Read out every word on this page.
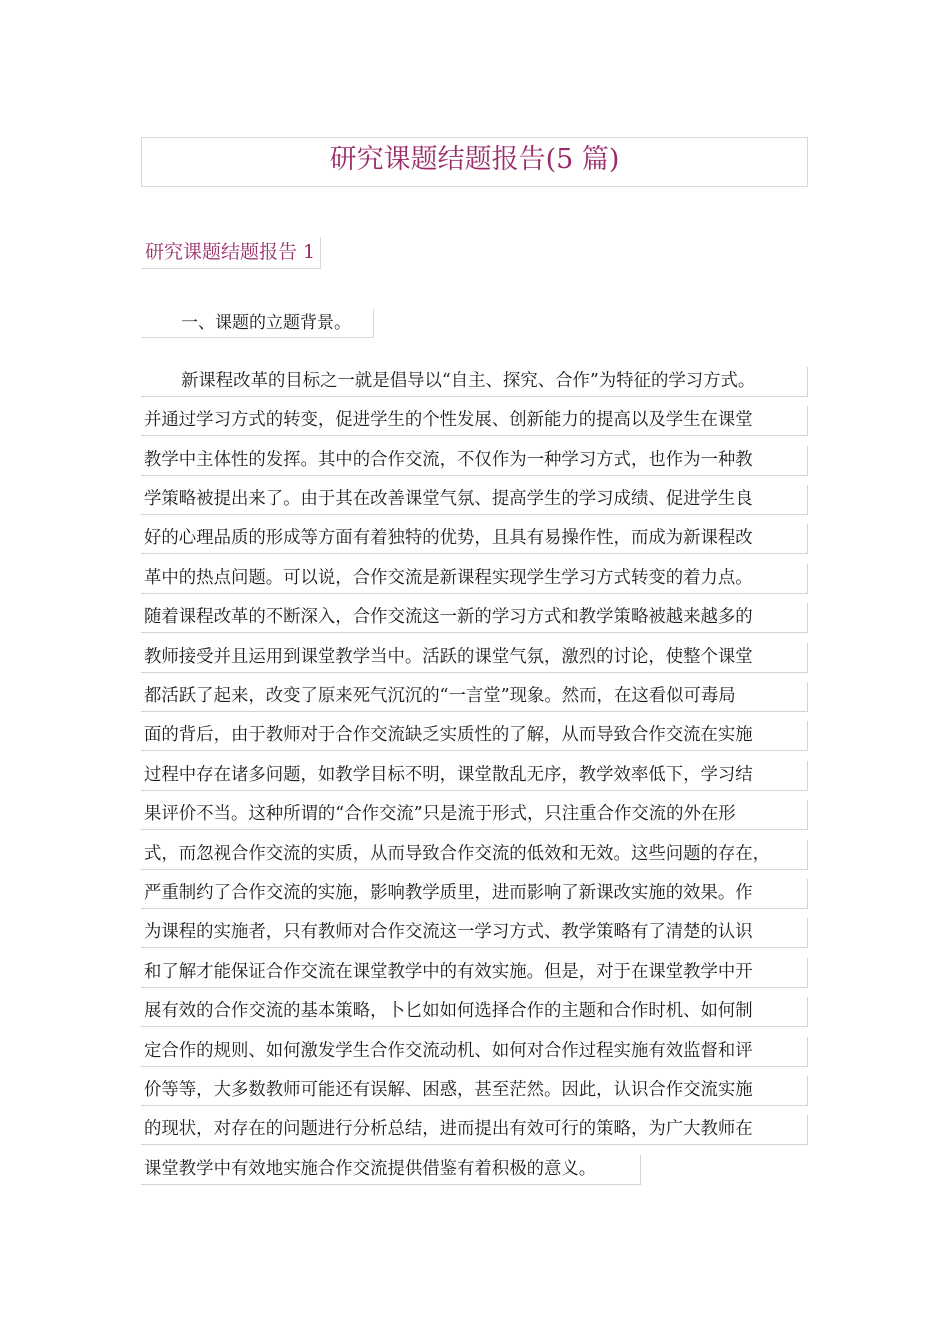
研究课题结题报告(5 篇)
研究课题结题报告 1
一、课题的立题背景。
新课程改革的目标之一就是倡导以“自主、探究、合作”为特征的学习方式。
并通过学习方式的转变，促进学生的个性发展、创新能力的提高以及学生在课堂
教学中主体性的发挥。其中的合作交流，不仅作为一种学习方式，也作为一种教
学策略被提出来了。由于其在改善课堂气氛、提高学生的学习成绩、促进学生良
好的心理品质的形成等方面有着独特的优势，且具有易操作性，而成为新课程改
革中的热点问题。可以说，合作交流是新课程实现学生学习方式转变的着力点。
随着课程改革的不断深入，合作交流这一新的学习方式和教学策略被越来越多的
教师接受并且运用到课堂教学当中。活跃的课堂气氛，激烈的讨论，使整个课堂
都活跃了起来，改变了原来死气沉沉的“一言堂”现象。然而，在这看似可毒局
面的背后，由于教师对于合作交流缺乏实质性的了解，从而导致合作交流在实施
过程中存在诸多问题，如教学目标不明，课堂散乱无序，教学效率低下，学习结
果评价不当。这种所谓的“合作交流”只是流于形式，只注重合作交流的外在形
式，而忽视合作交流的实质，从而导致合作交流的低效和无效。这些问题的存在，
严重制约了合作交流的实施，影响教学质里，进而影响了新课改实施的效果。作
为课程的实施者，只有教师对合作交流这一学习方式、教学策略有了清楚的认识
和了解才能保证合作交流在课堂教学中的有效实施。但是，对于在课堂教学中开
展有效的合作交流的基本策略，卜匕如如何选择合作的主题和合作时机、如何制
定合作的规则、如何激发学生合作交流动机、如何对合作过程实施有效监督和评
价等等，大多数教师可能还有误解、困惑，甚至茫然。因此，认识合作交流实施
的现状，对存在的问题进行分析总结，进而提出有效可行的策略，为广大教师在
课堂教学中有效地实施合作交流提供借鉴有着积极的意义。
